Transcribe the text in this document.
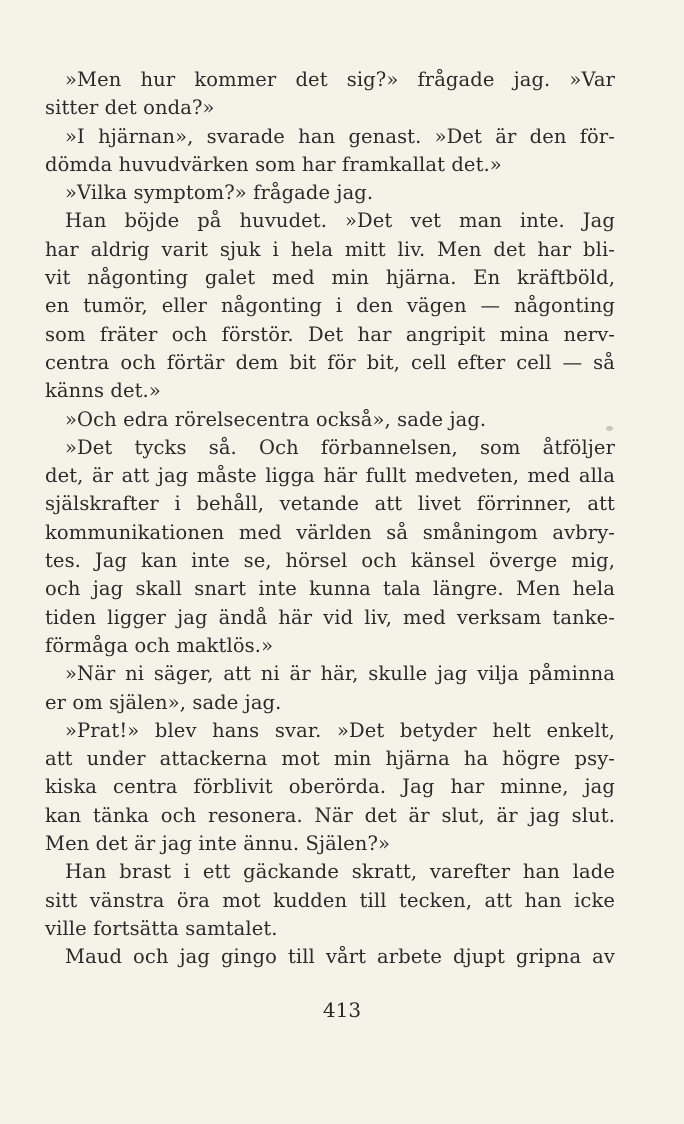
»Men hur kommer det sig?» frågade jag. »Var
sitter det onda?»
»I hjärnan», svarade han genast. »Det är den för-
dömda huvudvärken som har framkallat det.»
»Vilka symptom?» frågade jag.
Han böjde på huvudet. »Det vet man inte. Jag
har aldrig varit sjuk i hela mitt liv. Men det har bli-
vit någonting galet med min hjärna. En kräftböld,
en tumör, eller någonting i den vägen — någonting
som fräter och förstör. Det har angripit mina nerv-
centra och förtär dem bit för bit, cell efter cell — så
känns det.»
»Och edra rörelsecentra också», sade jag.
»Det tycks så. Och förbannelsen, som åtföljer
det, är att jag måste ligga här fullt medveten, med alla
själskrafter i behåll, vetande att livet förrinner, att
kommunikationen med världen så småningom avbry-
tes. Jag kan inte se, hörsel och känsel överge mig,
och jag skall snart inte kunna tala längre. Men hela
tiden ligger jag ändå här vid liv, med verksam tanke-
förmåga och maktlös.»
»När ni säger, att ni är här, skulle jag vilja påminna
er om själen», sade jag.
»Prat!» blev hans svar. »Det betyder helt enkelt,
att under attackerna mot min hjärna ha högre psy-
kiska centra förblivit oberörda. Jag har minne, jag
kan tänka och resonera. När det är slut, är jag slut.
Men det är jag inte ännu. Själen?»
Han brast i ett gäckande skratt, varefter han lade
sitt vänstra öra mot kudden till tecken, att han icke
ville fortsätta samtalet.
Maud och jag gingo till vårt arbete djupt gripna av
413
